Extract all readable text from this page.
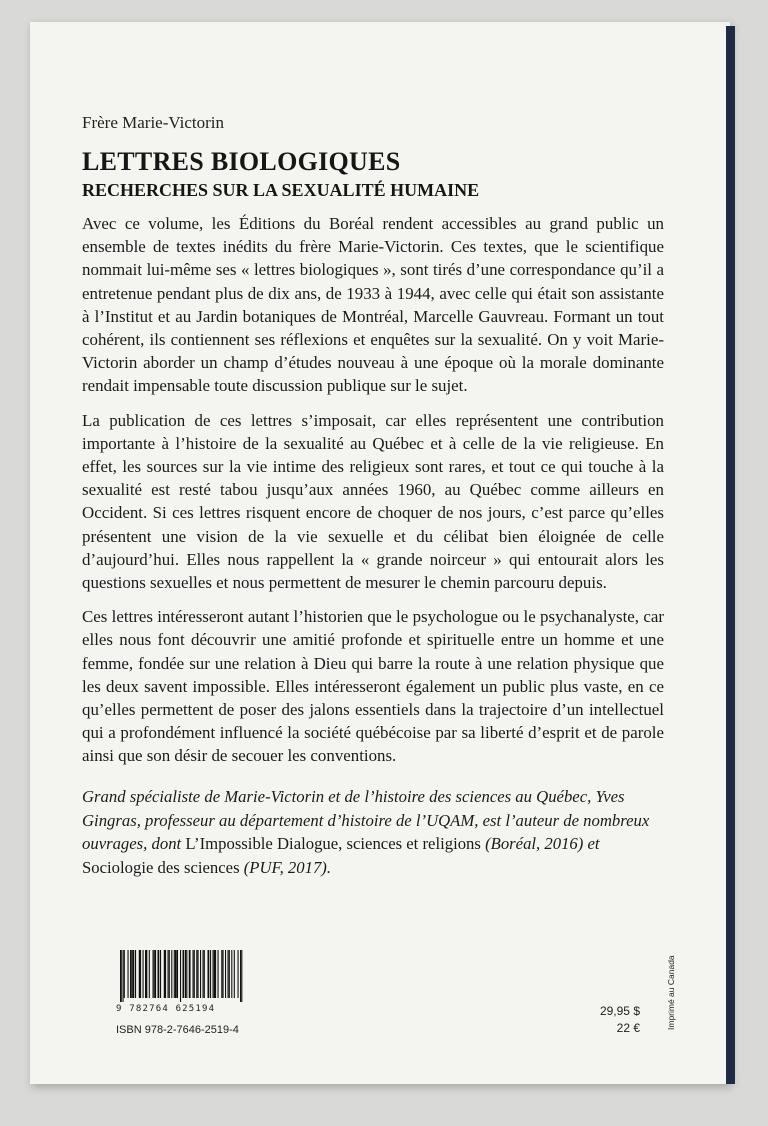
Frère Marie-Victorin

LETTRES BIOLOGIQUES
RECHERCHES SUR LA SEXUALITÉ HUMAINE

Avec ce volume, les Éditions du Boréal rendent accessibles au grand public un ensemble de textes inédits du frère Marie-Victorin. Ces textes, que le scientifique nommait lui-même ses « lettres biologiques », sont tirés d’une correspondance qu’il a entretenue pendant plus de dix ans, de 1933 à 1944, avec celle qui était son assistante à l’Institut et au Jardin botaniques de Montréal, Marcelle Gauvreau. Formant un tout cohérent, ils contiennent ses réflexions et enquêtes sur la sexualité. On y voit Marie-Victorin aborder un champ d’études nouveau à une époque où la morale dominante rendait impensable toute discussion publique sur le sujet.

La publication de ces lettres s’imposait, car elles représentent une contribution importante à l’histoire de la sexualité au Québec et à celle de la vie religieuse. En effet, les sources sur la vie intime des religieux sont rares, et tout ce qui touche à la sexualité est resté tabou jusqu’aux années 1960, au Québec comme ailleurs en Occident. Si ces lettres risquent encore de choquer de nos jours, c’est parce qu’elles présentent une vision de la vie sexuelle et du célibat bien éloignée de celle d’aujourd’hui. Elles nous rappellent la « grande noirceur » qui entourait alors les questions sexuelles et nous permettent de mesurer le chemin parcouru depuis.

Ces lettres intéresseront autant l’historien que le psychologue ou le psychanalyste, car elles nous font découvrir une amitié profonde et spirituelle entre un homme et une femme, fondée sur une relation à Dieu qui barre la route à une relation physique que les deux savent impossible. Elles intéresseront également un public plus vaste, en ce qu’elles permettent de poser des jalons essentiels dans la trajectoire d’un intellectuel qui a profondément influencé la société québécoise par sa liberté d’esprit et de parole ainsi que son désir de secouer les conventions.

Grand spécialiste de Marie-Victorin et de l’histoire des sciences au Québec, Yves Gingras, professeur au département d’histoire de l’UQAM, est l’auteur de nombreux ouvrages, dont L’Impossible Dialogue, sciences et religions (Boréal, 2016) et Sociologie des sciences (PUF, 2017).

9 782764 625194

ISBN 978-2-7646-2519-4

29,95 $

22 €	Imprimé au Canada
